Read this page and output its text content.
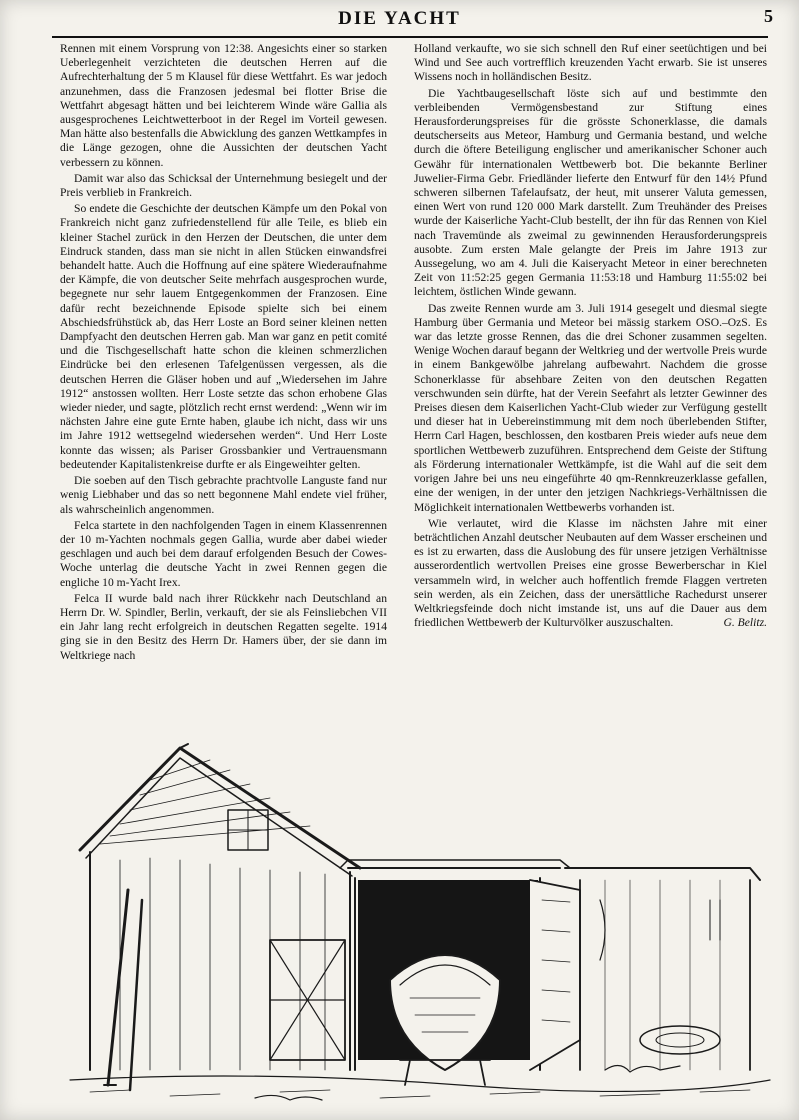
DIE YACHT	5

Rennen mit einem Vorsprung von 12:38. Angesichts einer so starken Ueberlegenheit verzichteten die deutschen Herren auf die Aufrechterhaltung der 5 m Klausel für diese Wettfahrt. Es war jedoch anzunehmen, dass die Franzosen jedesmal bei flotter Brise die Wettfahrt abgesagt hätten und bei leichterem Winde wäre Gallia als ausgesprochenes Leichtwetterboot in der Regel im Vorteil gewesen. Man hätte also bestenfalls die Abwicklung des ganzen Wettkampfes in die Länge gezogen, ohne die Aussichten der deutschen Yacht verbessern zu können.

Damit war also das Schicksal der Unternehmung besiegelt und der Preis verblieb in Frankreich.

So endete die Geschichte der deutschen Kämpfe um den Pokal von Frankreich nicht ganz zufriedenstellend für alle Teile, es blieb ein kleiner Stachel zurück in den Herzen der Deutschen, die unter dem Eindruck standen, dass man sie nicht in allen Stücken einwandsfrei behandelt hatte. Auch die Hoffnung auf eine spätere Wiederaufnahme der Kämpfe, die von deutscher Seite mehrfach ausgesprochen wurde, begegnete nur sehr lauem Entgegenkommen der Franzosen. Eine dafür recht bezeichnende Episode spielte sich bei einem Abschiedsfrühstück ab, das Herr Loste an Bord seiner kleinen netten Dampfyacht den deutschen Herren gab. Man war ganz en petit comité und die Tischgesellschaft hatte schon die kleinen schmerzlichen Eindrücke bei den erlesenen Tafelgenüssen vergessen, als die deutschen Herren die Gläser hoben und auf „Wiedersehen im Jahre 1912“ anstossen wollten. Herr Loste setzte das schon erhobene Glas wieder nieder, und sagte, plötzlich recht ernst werdend: „Wenn wir im nächsten Jahre eine gute Ernte haben, glaube ich nicht, dass wir uns im Jahre 1912 wettsegelnd wiedersehen werden“. Und Herr Loste konnte das wissen; als Pariser Grossbankier und Vertrauensmann bedeutender Kapitalistenkreise durfte er als Eingeweihter gelten.

Die soeben auf den Tisch gebrachte prachtvolle Languste fand nur wenig Liebhaber und das so nett begonnene Mahl endete viel früher, als wahrscheinlich angenommen.

Felca startete in den nachfolgenden Tagen in einem Klassenrennen der 10 m-Yachten nochmals gegen Gallia, wurde aber dabei wieder geschlagen und auch bei dem darauf erfolgenden Besuch der Cowes-Woche unterlag die deutsche Yacht in zwei Rennen gegen die engliche 10 m-Yacht Irex.

Felca II wurde bald nach ihrer Rückkehr nach Deutschland an Herrn Dr. W. Spindler, Berlin, verkauft, der sie als Feinsliebchen VII ein Jahr lang recht erfolgreich in deutschen Regatten segelte. 1914 ging sie in den Besitz des Herrn Dr. Hamers über, der sie dann im Weltkriege nach

Holland verkaufte, wo sie sich schnell den Ruf einer seetüchtigen und bei Wind und See auch vortrefflich kreuzenden Yacht erwarb. Sie ist unseres Wissens noch in holländischen Besitz.

Die Yachtbaugesellschaft löste sich auf und bestimmte den verbleibenden Vermögensbestand zur Stiftung eines Herausforderungspreises für die grösste Schonerklasse, die damals deutscherseits aus Meteor, Hamburg und Germania bestand, und welche durch die öftere Beteiligung englischer und amerikanischer Schoner auch Gewähr für internationalen Wettbewerb bot. Die bekannte Berliner Juwelier-Firma Gebr. Friedländer lieferte den Entwurf für den 14½ Pfund schweren silbernen Tafelaufsatz, der heut, mit unserer Valuta gemessen, einen Wert von rund 120 000 Mark darstellt. Zum Treuhänder des Preises wurde der Kaiserliche Yacht-Club bestellt, der ihn für das Rennen von Kiel nach Travemünde als zweimal zu gewinnenden Herausforderungspreis ausobte. Zum ersten Male gelangte der Preis im Jahre 1913 zur Aussegelung, wo am 4. Juli die Kaiseryacht Meteor in einer berechneten Zeit von 11:52:25 gegen Germania 11:53:18 und Hamburg 11:55:02 bei leichtem, östlichen Winde gewann.

Das zweite Rennen wurde am 3. Juli 1914 gesegelt und diesmal siegte Hamburg über Germania und Meteor bei mässig starkem OSO.–OzS. Es war das letzte grosse Rennen, das die drei Schoner zusammen segelten. Wenige Wochen darauf begann der Weltkrieg und der wertvolle Preis wurde in einem Bankgewölbe jahrelang aufbewahrt. Nachdem die grosse Schonerklasse für absehbare Zeiten von den deutschen Regatten verschwunden sein dürfte, hat der Verein Seefahrt als letzter Gewinner des Preises diesen dem Kaiserlichen Yacht-Club wieder zur Verfügung gestellt und dieser hat in Uebereinstimmung mit dem noch überlebenden Stifter, Herrn Carl Hagen, beschlossen, den kostbaren Preis wieder aufs neue dem sportlichen Wettbewerb zuzuführen. Entsprechend dem Geiste der Stiftung als Förderung internationaler Wettkämpfe, ist die Wahl auf die seit dem vorigen Jahre bei uns neu eingeführte 40 qm-Rennkreuzerklasse gefallen, eine der wenigen, in der unter den jetzigen Nachkriegs-Verhältnissen die Möglichkeit internationalen Wettbewerbs vorhanden ist.

Wie verlautet, wird die Klasse im nächsten Jahre mit einer beträchtlichen Anzahl deutscher Neubauten auf dem Wasser erscheinen und es ist zu erwarten, dass die Auslobung des für unsere jetzigen Verhältnisse ausserordentlich wertvollen Preises eine grosse Bewerberschar in Kiel versammeln wird, in welcher auch hoffentlich fremde Flaggen vertreten sein werden, als ein Zeichen, dass der unersättliche Rachedurst unserer Weltkriegsfeinde doch nicht imstande ist, uns auf die Dauer aus dem friedlichen Wettbewerb der Kulturvölker auszuschalten.	G. Belitz.
